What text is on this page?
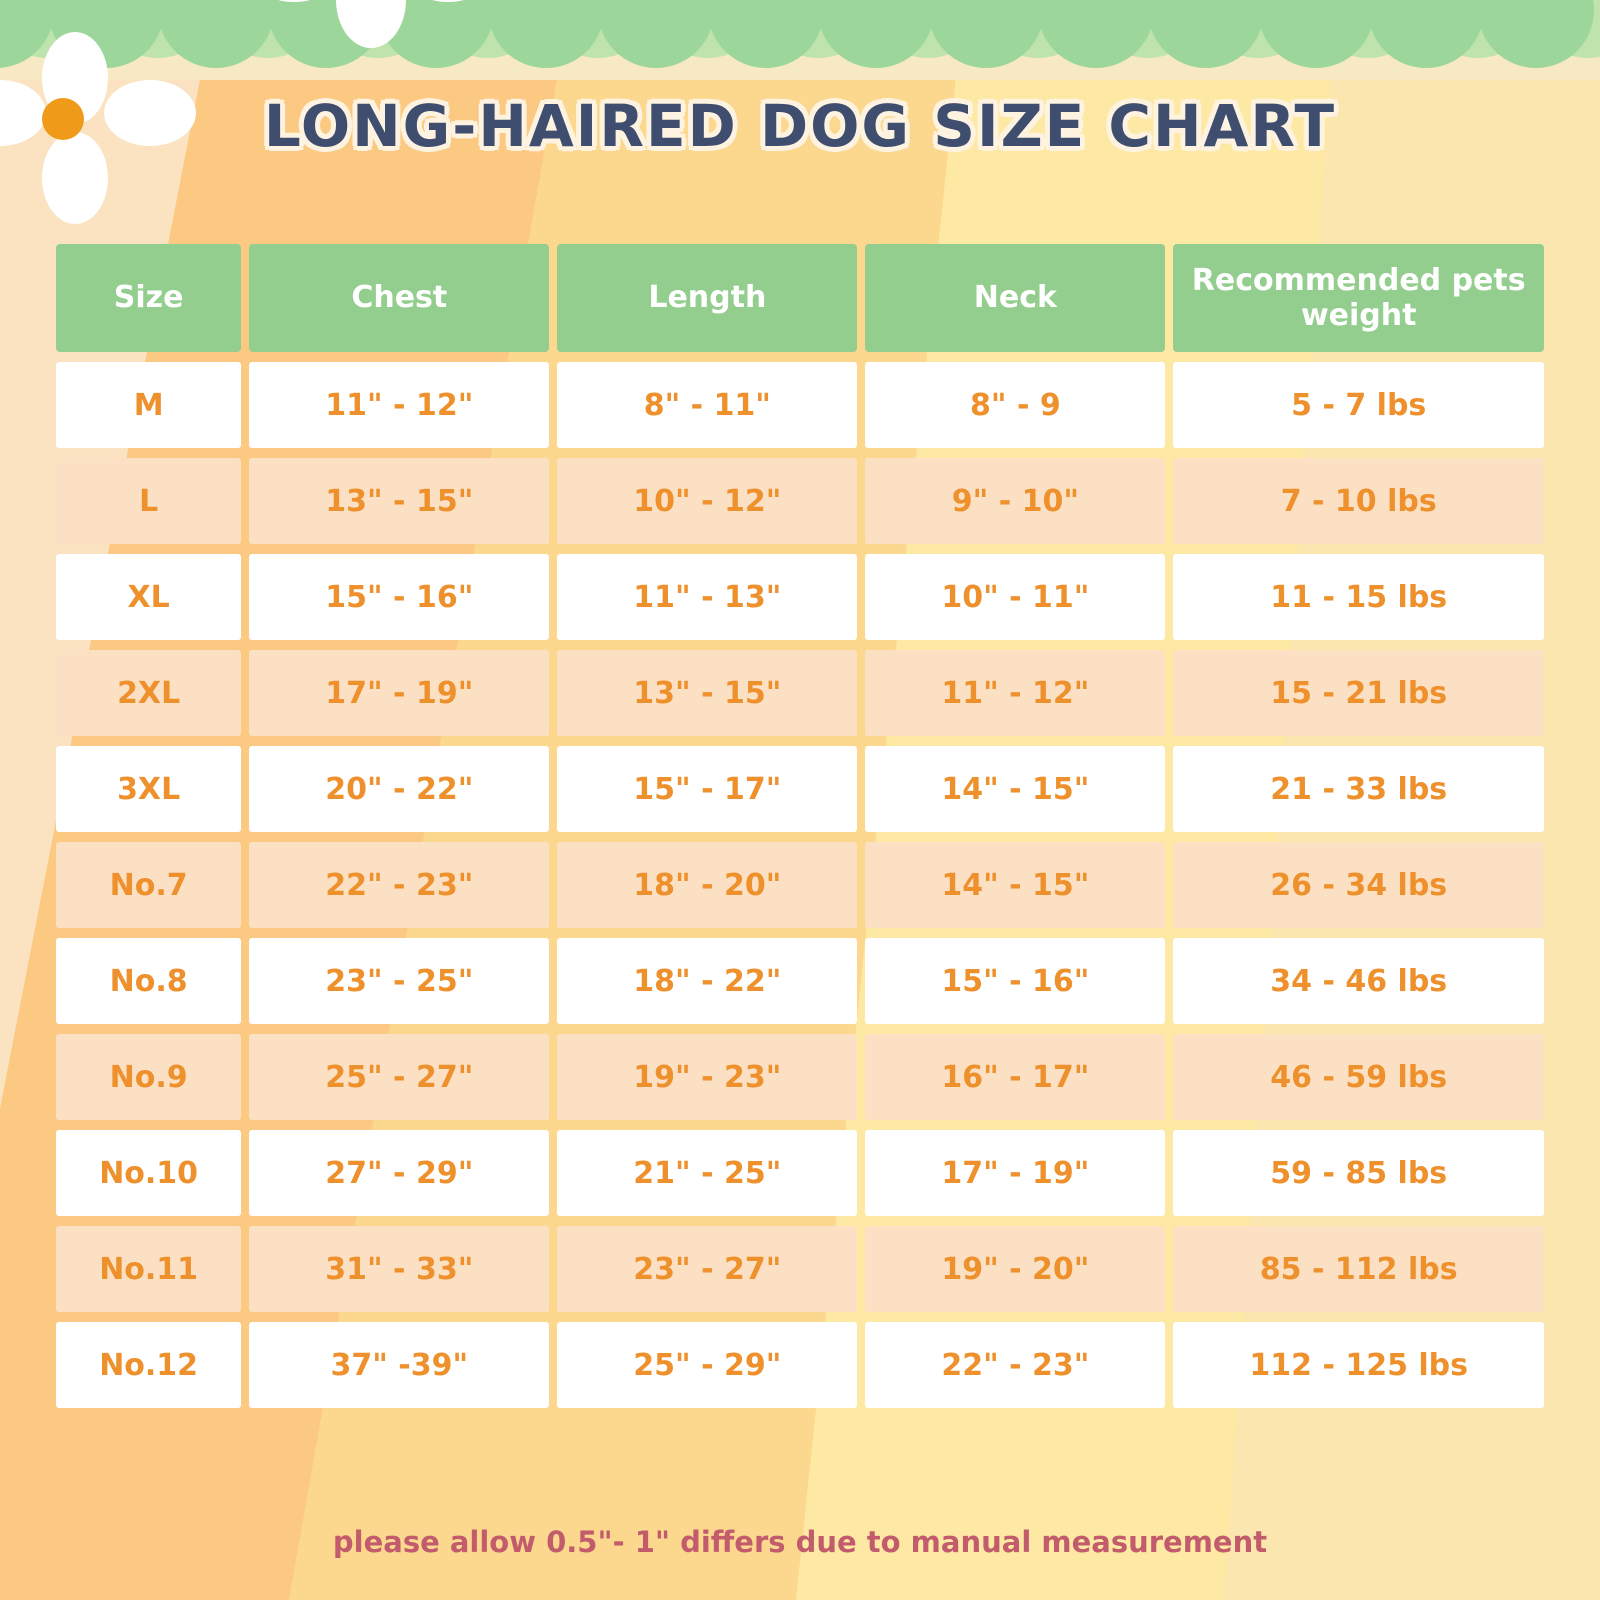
LONG-HAIRED DOG SIZE CHART
Size	Chest	Length	Neck	Recommended pets weight
M	11" - 12"	8" - 11"	8" - 9	5 - 7 lbs
L	13" - 15"	10" - 12"	9" - 10"	7 - 10 lbs
XL	15" - 16"	11" - 13"	10" - 11"	11 - 15 lbs
2XL	17" - 19"	13" - 15"	11" - 12"	15 - 21 lbs
3XL	20" - 22"	15" - 17"	14" - 15"	21 - 33 lbs
No.7	22" - 23"	18" - 20"	14" - 15"	26 - 34 lbs
No.8	23" - 25"	18" - 22"	15" - 16"	34 - 46 lbs
No.9	25" - 27"	19" - 23"	16" - 17"	46 - 59 lbs
No.10	27" - 29"	21" - 25"	17" - 19"	59 - 85 lbs
No.11	31" - 33"	23" - 27"	19" - 20"	85 - 112 lbs
No.12	37" -39"	25" - 29"	22" - 23"	112 - 125 lbs
please allow 0.5"- 1" differs due to manual measurement
